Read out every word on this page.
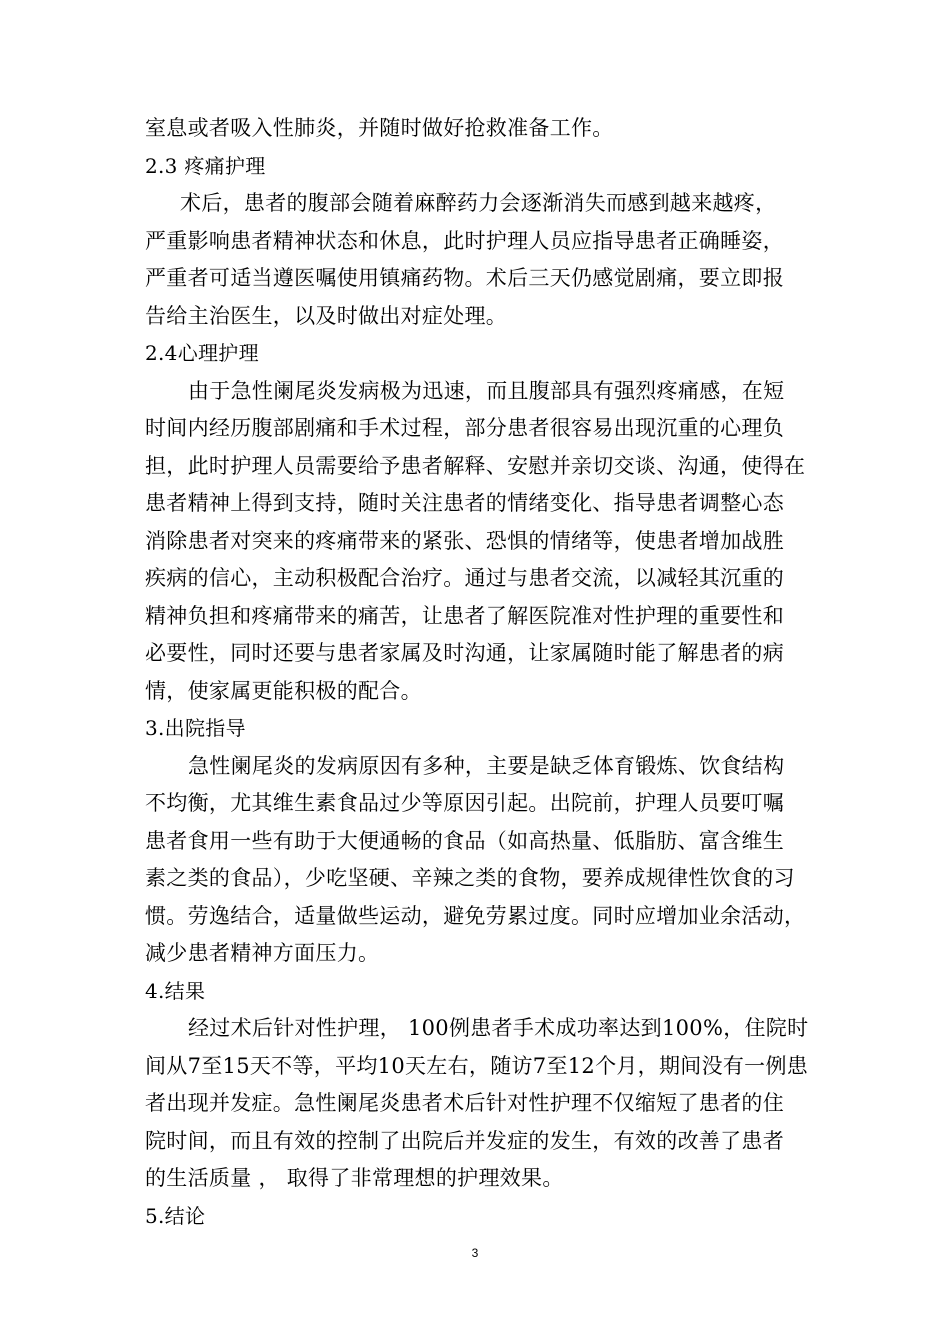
室息或者吸入性肺炎，并随时做好抢救准备工作。
2.3 疼痛护理
术后，患者的腹部会随着麻醉药力会逐渐消失而感到越来越疼，
严重影响患者精神状态和休息，此时护理人员应指导患者正确睡姿，
严重者可适当遵医嘱使用镇痛药物。术后三天仍感觉剧痛，要立即报
告给主治医生，以及时做出对症处理。
2.4心理护理
由于急性阑尾炎发病极为迅速，而且腹部具有强烈疼痛感，在短
时间内经历腹部剧痛和手术过程，部分患者很容易出现沉重的心理负
担，此时护理人员需要给予患者解释、安慰并亲切交谈、沟通，使得在
患者精神上得到支持，随时关注患者的情绪变化、指导患者调整心态
消除患者对突来的疼痛带来的紧张、恐惧的情绪等，使患者增加战胜
疾病的信心，主动积极配合治疗。通过与患者交流，以减轻其沉重的
精神负担和疼痛带来的痛苦，让患者了解医院准对性护理的重要性和
必要性，同时还要与患者家属及时沟通，让家属随时能了解患者的病
情，使家属更能积极的配合。
3.出院指导
急性阑尾炎的发病原因有多种，主要是缺乏体育锻炼、饮食结构
不均衡，尤其维生素食品过少等原因引起。出院前，护理人员要叮嘱
患者食用一些有助于大便通畅的食品（如高热量、低脂肪、富含维生
素之类的食品），少吃坚硬、辛辣之类的食物，要养成规律性饮食的习
惯。劳逸结合，适量做些运动，避免劳累过度。同时应增加业余活动，
减少患者精神方面压力。
4.结果
经过术后针对性护理， 100例患者手术成功率达到100%，住院时
间从7至15天不等，平均10天左右，随访7至12个月，期间没有一例患
者出现并发症。急性阑尾炎患者术后针对性护理不仅缩短了患者的住
院时间，而且有效的控制了出院后并发症的发生，有效的改善了患者
的生活质量 ， 取得了非常理想的护理效果。
5.结论
3
